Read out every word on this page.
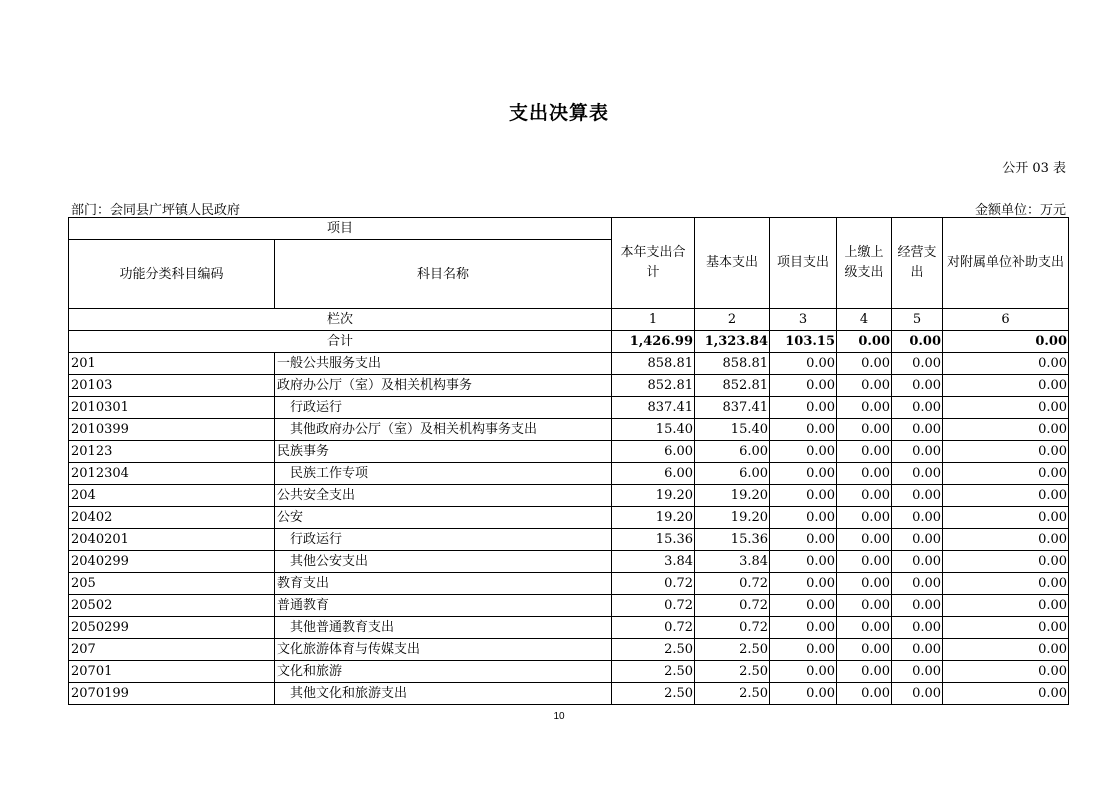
支出决算表
公开 03 表
部门：会同县广坪镇人民政府	金额单位：万元
项目		本年支出合计	基本支出	项目支出	上缴上级支出	经营支出	对附属单位补助支出
功能分类科目编码	科目名称						
栏次		1	2	3	4	5	6
合计		1,426.99	1,323.84	103.15	0.00	0.00	0.00
201	一般公共服务支出	858.81	858.81	0.00	0.00	0.00	0.00
20103	政府办公厅（室）及相关机构事务	852.81	852.81	0.00	0.00	0.00	0.00
2010301	行政运行	837.41	837.41	0.00	0.00	0.00	0.00
2010399	其他政府办公厅（室）及相关机构事务支出	15.40	15.40	0.00	0.00	0.00	0.00
20123	民族事务	6.00	6.00	0.00	0.00	0.00	0.00
2012304	民族工作专项	6.00	6.00	0.00	0.00	0.00	0.00
204	公共安全支出	19.20	19.20	0.00	0.00	0.00	0.00
20402	公安	19.20	19.20	0.00	0.00	0.00	0.00
2040201	行政运行	15.36	15.36	0.00	0.00	0.00	0.00
2040299	其他公安支出	3.84	3.84	0.00	0.00	0.00	0.00
205	教育支出	0.72	0.72	0.00	0.00	0.00	0.00
20502	普通教育	0.72	0.72	0.00	0.00	0.00	0.00
2050299	其他普通教育支出	0.72	0.72	0.00	0.00	0.00	0.00
207	文化旅游体育与传媒支出	2.50	2.50	0.00	0.00	0.00	0.00
20701	文化和旅游	2.50	2.50	0.00	0.00	0.00	0.00
2070199	其他文化和旅游支出	2.50	2.50	0.00	0.00	0.00	0.00
10
